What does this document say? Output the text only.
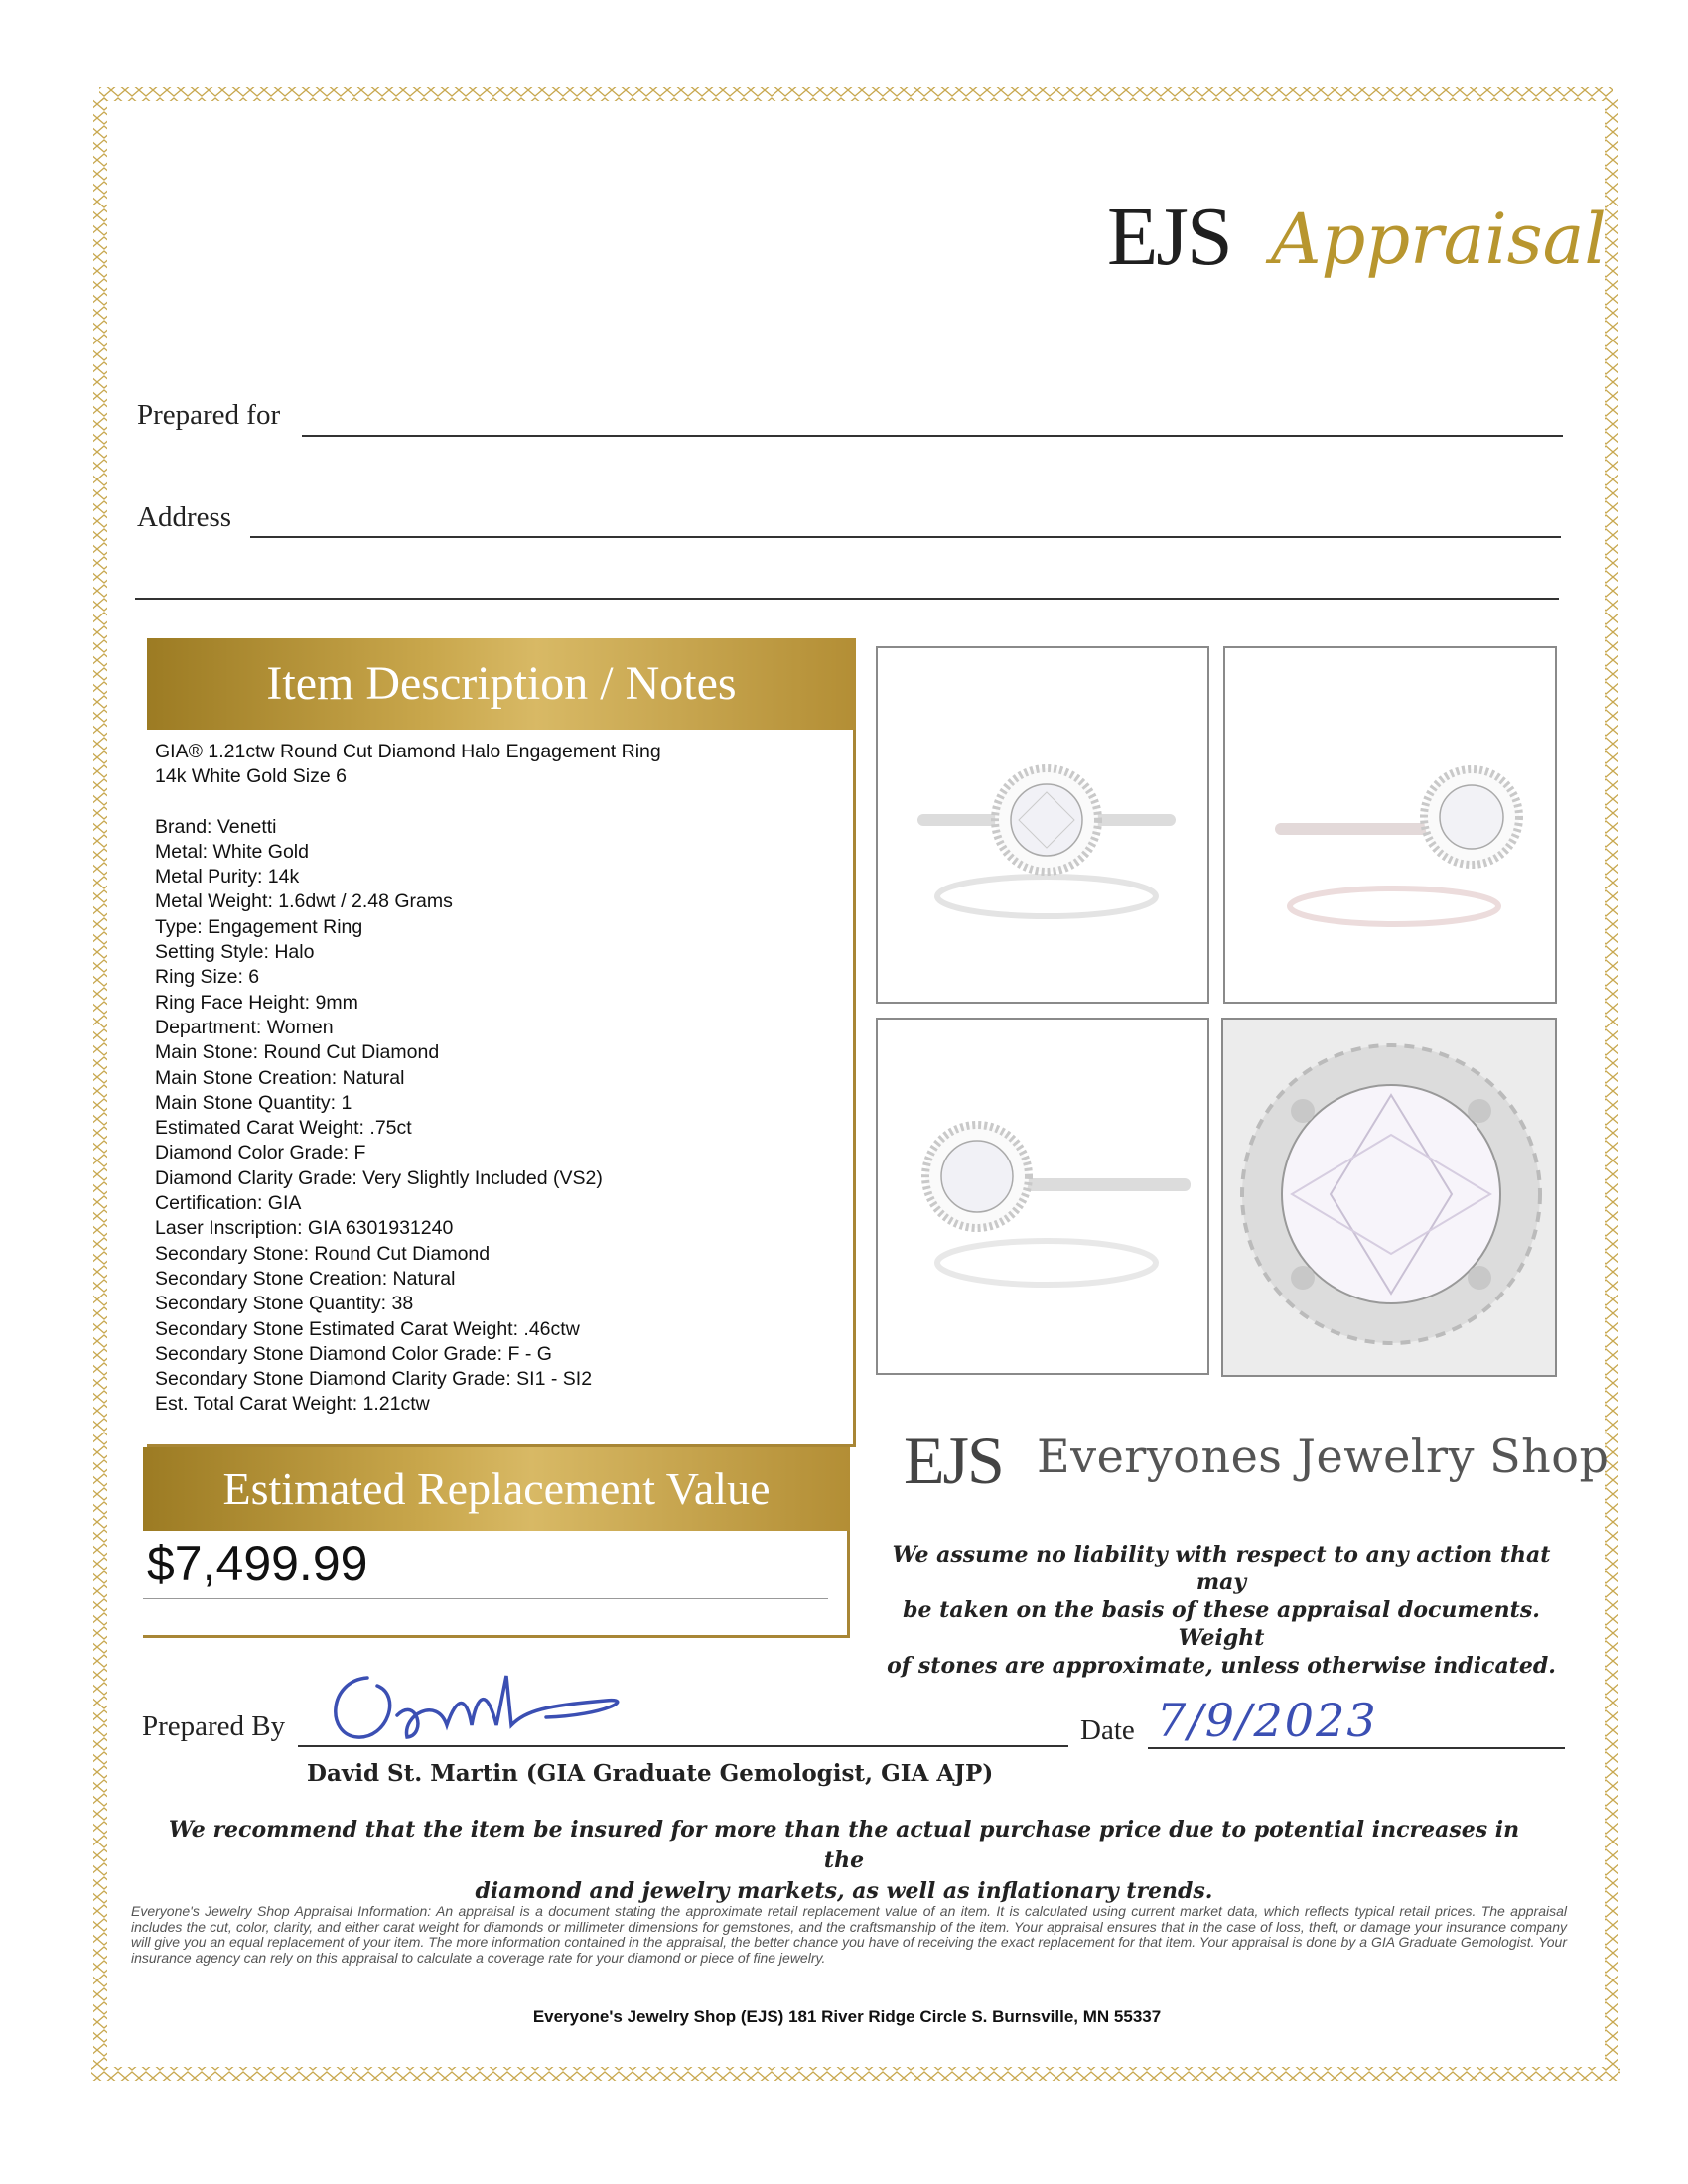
EJS Appraisal
Prepared for
Address
Item Description / Notes
GIA® 1.21ctw Round Cut Diamond Halo Engagement Ring
14k White Gold Size 6
Brand: Venetti
Metal: White Gold
Metal Purity: 14k
Metal Weight: 1.6dwt / 2.48 Grams
Type: Engagement Ring
Setting Style: Halo
Ring Size: 6
Ring Face Height: 9mm
Department: Women
Main Stone: Round Cut Diamond
Main Stone Creation: Natural
Main Stone Quantity: 1
Estimated Carat Weight: .75ct
Diamond Color Grade: F
Diamond Clarity Grade: Very Slightly Included (VS2)
Certification: GIA
Laser Inscription: GIA 6301931240
Secondary Stone: Round Cut Diamond
Secondary Stone Creation: Natural
Secondary Stone Quantity: 38
Secondary Stone Estimated Carat Weight: .46ctw
Secondary Stone Diamond Color Grade: F - G
Secondary Stone Diamond Clarity Grade: SI1 - SI2
Est. Total Carat Weight: 1.21ctw
Estimated Replacement Value
$7,499.99
EJS Everyones Jewelry Shop
We assume no liability with respect to any action that may
be taken on the basis of these appraisal documents. Weight
of stones are approximate, unless otherwise indicated.
Prepared By	Date 7/9/2023
David St. Martin (GIA Graduate Gemologist, GIA AJP)
We recommend that the item be insured for more than the actual purchase price due to potential increases in the
diamond and jewelry markets, as well as inflationary trends.
Everyone's Jewelry Shop Appraisal Information: An appraisal is a document stating the approximate retail replacement value of an item. It is calculated using current market data, which reflects typical retail prices. The appraisal includes the cut, color, clarity, and either carat weight for diamonds or millimeter dimensions for gemstones, and the craftsmanship of the item. Your appraisal ensures that in the case of loss, theft, or damage your insurance company will give you an equal replacement of your item. The more information contained in the appraisal, the better chance you have of receiving the exact replacement for that item. Your appraisal is done by a GIA Graduate Gemologist. Your insurance agency can rely on this appraisal to calculate a coverage rate for your diamond or piece of fine jewelry.
Everyone's Jewelry Shop (EJS) 181 River Ridge Circle S. Burnsville, MN 55337
